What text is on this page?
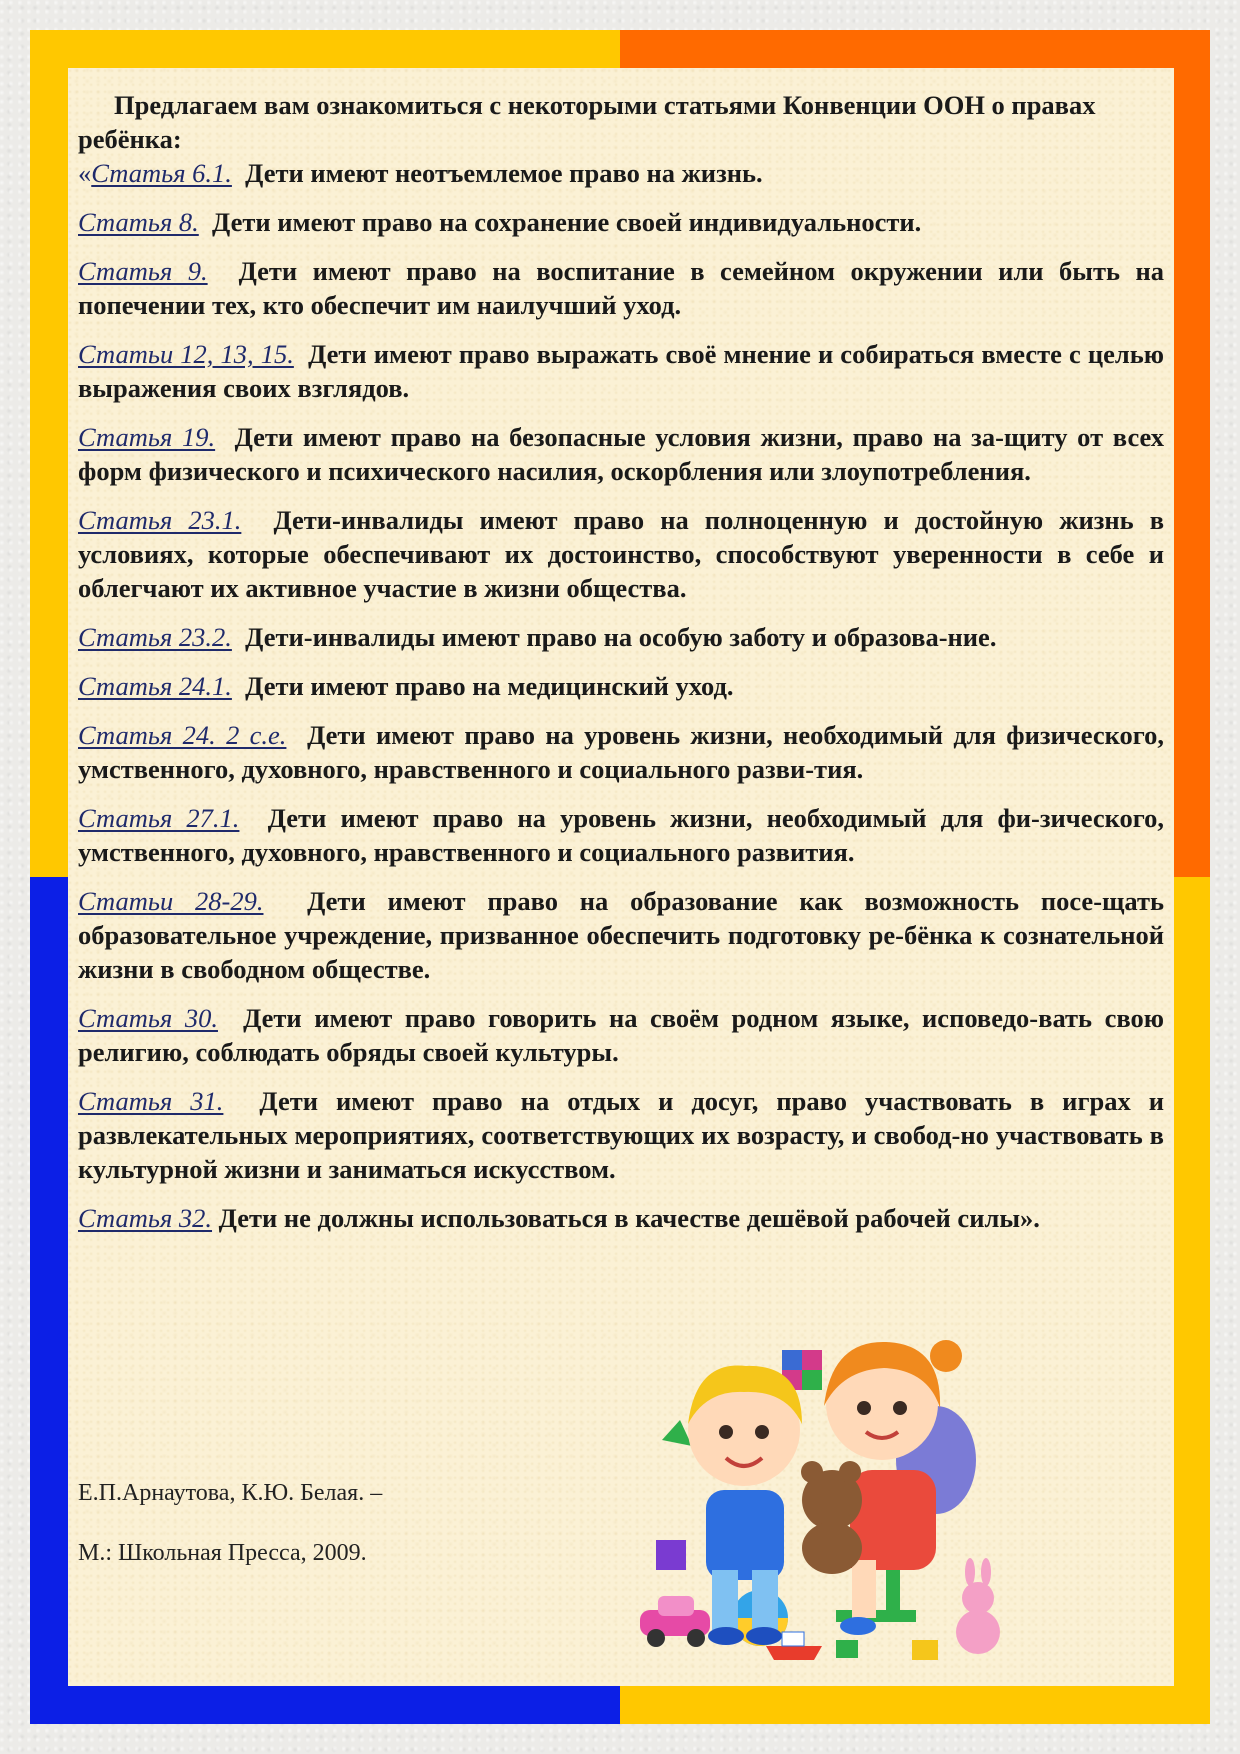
Предлагаем вам ознакомиться с некоторыми статьями Конвенции ООН о правах ребёнка:

«Статья 6.1. Дети имеют неотъемлемое право на жизнь.

Статья 8. Дети имеют право на сохранение своей индивидуальности.

Статья 9. Дети имеют право на воспитание в семейном окружении или быть на попечении тех, кто обеспечит им наилучший уход.

Статьи 12, 13, 15. Дети имеют право выражать своё мнение и собираться вместе с целью выражения своих взглядов.

Статья 19. Дети имеют право на безопасные условия жизни, право на за-щиту от всех форм физического и психического насилия, оскорбления или злоупотребления.

Статья 23.1. Дети-инвалиды имеют право на полноценную и достойную жизнь в условиях, которые обеспечивают их достоинство, способствуют уверенности в себе и облегчают их активное участие в жизни общества.

Статья 23.2. Дети-инвалиды имеют право на особую заботу и образова-ние.

Статья 24.1. Дети имеют право на медицинский уход.

Статья 24. 2 с.е. Дети имеют право на уровень жизни, необходимый для физического, умственного, духовного, нравственного и социального разви-тия.

Статья 27.1. Дети имеют право на уровень жизни, необходимый для фи-зического, умственного, духовного, нравственного и социального развития.

Статьи 28-29. Дети имеют право на образование как возможность посе-щать образовательное учреждение, призванное обеспечить подготовку ре-бёнка к сознательной жизни в свободном обществе.

Статья 30. Дети имеют право говорить на своём родном языке, исповедо-вать свою религию, соблюдать обряды своей культуры.

Статья 31. Дети имеют право на отдых и досуг, право участвовать в играх и развлекательных мероприятиях, соответствующих их возрасту, и свобод-но участвовать в культурной жизни и заниматься искусством.

Статья 32. Дети не должны использоваться в качестве дешёвой рабочей силы».

Е.П.Арнаутова, К.Ю. Белая. –
М.: Школьная Пресса, 2009.
